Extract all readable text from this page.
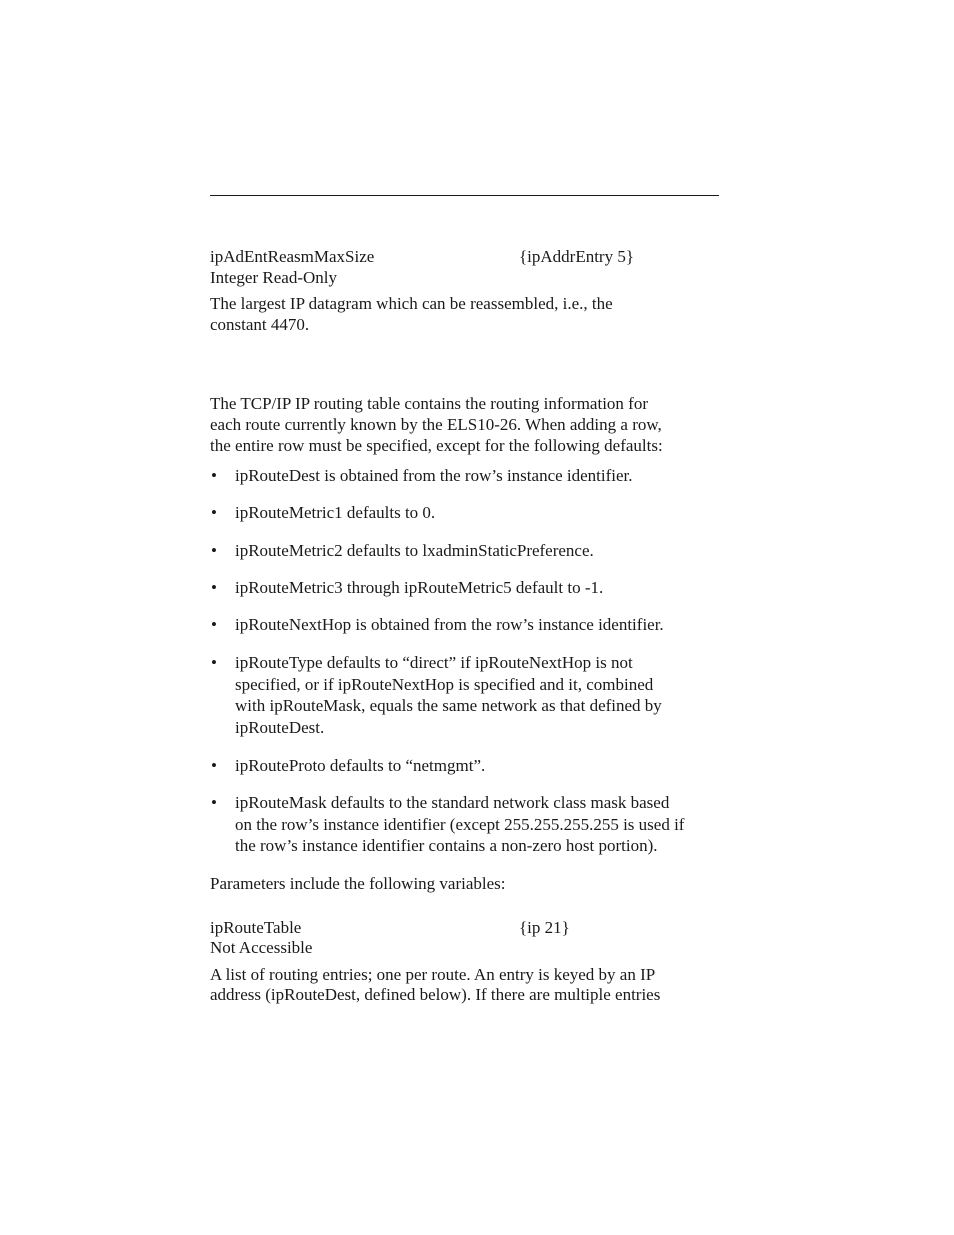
ipAdEntReasmMaxSize	{ipAddrEntry 5}
Integer Read-Only
The largest IP datagram which can be reassembled, i.e., the
constant 4470.
The TCP/IP IP routing table contains the routing information for
each route currently known by the ELS10-26. When adding a row,
the entire row must be specified, except for the following defaults:
• ipRouteDest is obtained from the row’s instance identifier.
• ipRouteMetric1 defaults to 0.
• ipRouteMetric2 defaults to lxadminStaticPreference.
• ipRouteMetric3 through ipRouteMetric5 default to -1.
• ipRouteNextHop is obtained from the row’s instance identifier.
• ipRouteType defaults to “direct” if ipRouteNextHop is not
specified, or if ipRouteNextHop is specified and it, combined
with ipRouteMask, equals the same network as that defined by
ipRouteDest.
• ipRouteProto defaults to “netmgmt”.
• ipRouteMask defaults to the standard network class mask based
on the row’s instance identifier (except 255.255.255.255 is used if
the row’s instance identifier contains a non-zero host portion).
Parameters include the following variables:
ipRouteTable	{ip 21}
Not Accessible
A list of routing entries; one per route. An entry is keyed by an IP
address (ipRouteDest, defined below). If there are multiple entries
